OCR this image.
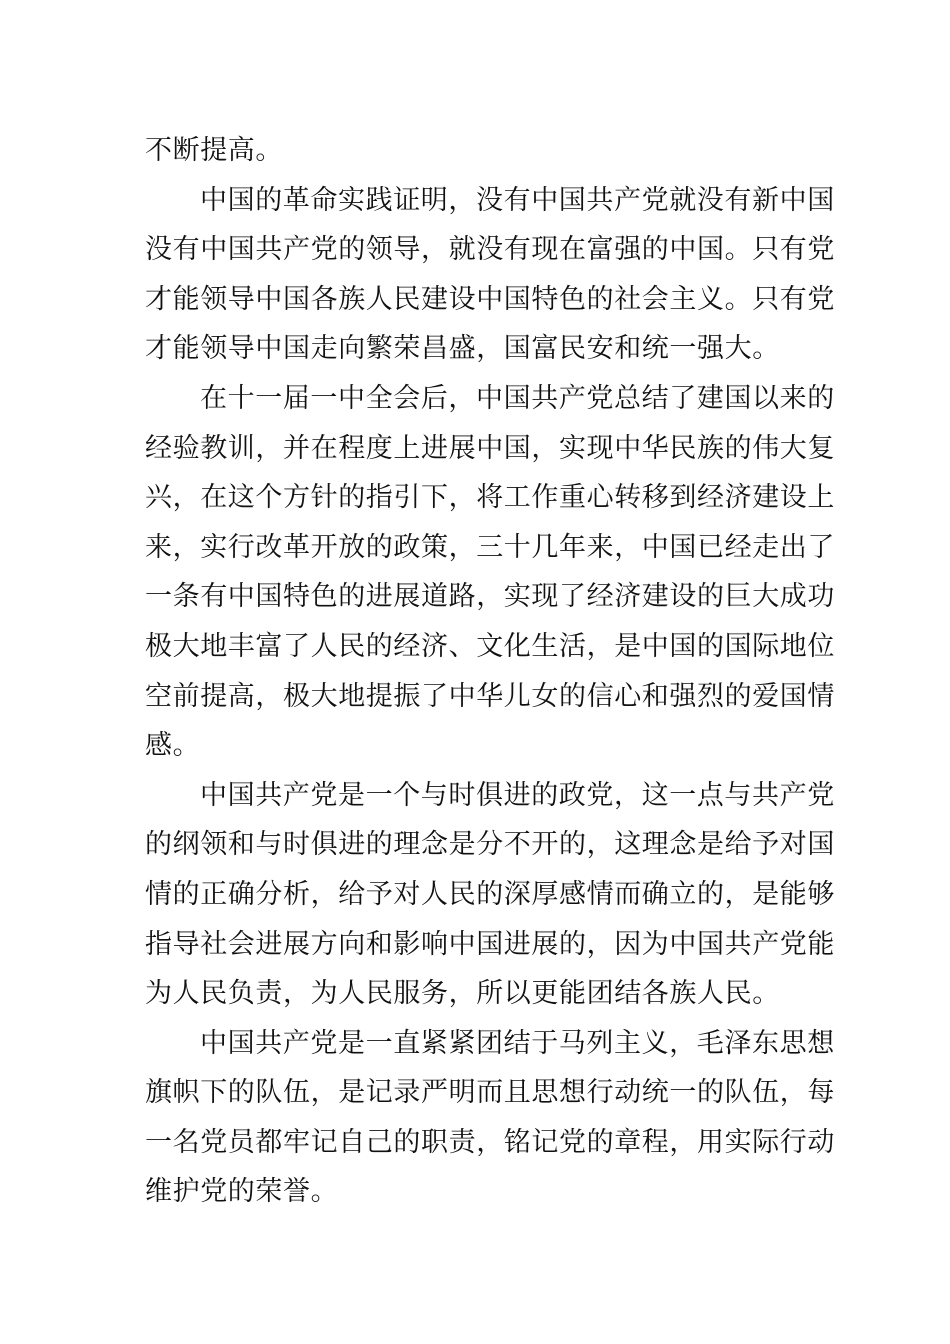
不断提高。
中国的革命实践证明，没有中国共产党就没有新中国
没有中国共产党的领导，就没有现在富强的中国。只有党
才能领导中国各族人民建设中国特色的社会主义。只有党
才能领导中国走向繁荣昌盛，国富民安和统一强大。
在十一届一中全会后，中国共产党总结了建国以来的
经验教训，并在程度上进展中国，实现中华民族的伟大复
兴，在这个方针的指引下，将工作重心转移到经济建设上
来，实行改革开放的政策，三十几年来，中国已经走出了
一条有中国特色的进展道路，实现了经济建设的巨大成功
极大地丰富了人民的经济、文化生活，是中国的国际地位
空前提高，极大地提振了中华儿女的信心和强烈的爱国情
感。
中国共产党是一个与时俱进的政党，这一点与共产党
的纲领和与时俱进的理念是分不开的，这理念是给予对国
情的正确分析，给予对人民的深厚感情而确立的，是能够
指导社会进展方向和影响中国进展的，因为中国共产党能
为人民负责，为人民服务，所以更能团结各族人民。
中国共产党是一直紧紧团结于马列主义，毛泽东思想
旗帜下的队伍，是记录严明而且思想行动统一的队伍，每
一名党员都牢记自己的职责，铭记党的章程，用实际行动
维护党的荣誉。
